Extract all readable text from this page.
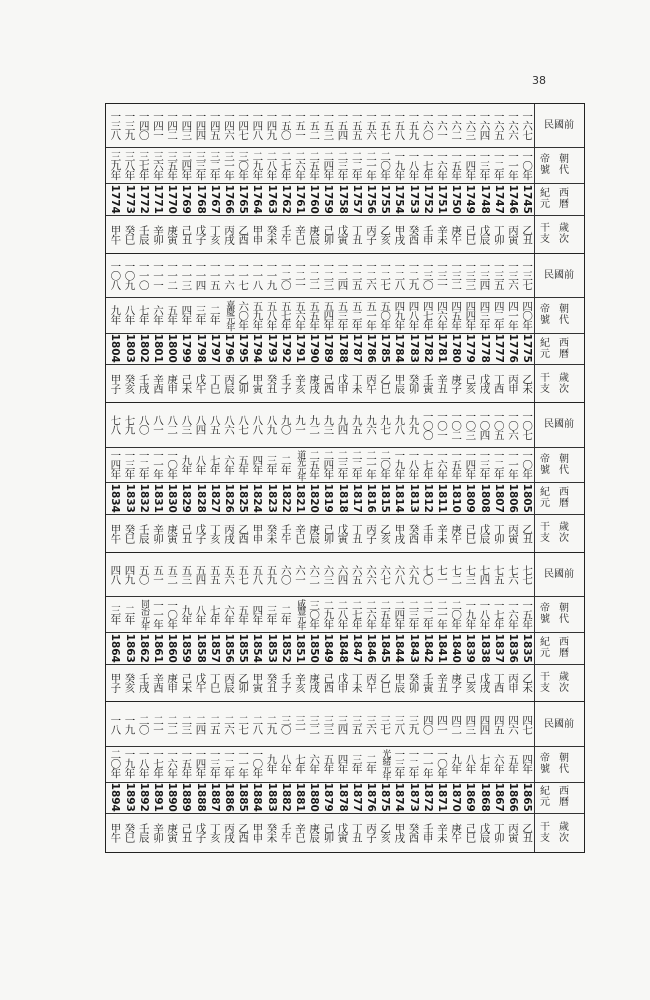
38
民國前
帝號
朝代
紀元
西曆
干支
歲次
一三八 一三九 一四〇 一四一 一四二 一四三 一四四 一四五 一四六 一四七 一四八 一四九 一五〇 一五一 一五二 一五三 一五四 一五五 一五六 一五七 一五八 一五九 一六〇 一六一 一六二 一六三 一六四 一六五 一六六 一六七
三九年 三八年 三七年 三六年 三五年 三四年 三三年 三二年 三一年 三〇年 二九年 二八年 二七年 二六年 二五年 二四年 二三年 二二年 二一年 二〇年 一九年 一八年 一七年 一六年 一五年 一四年 一三年 一二年 一一年 一〇年
1774 1773 1772 1771 1770 1769 1768 1767 1766 1765 1764 1763 1762 1761 1760 1759 1758 1757 1756 1755 1754 1753 1752 1751 1750 1749 1748 1747 1746 1745
甲午 癸巳 壬辰 辛卯 庚寅 己丑 戊子 丁亥 丙戌 乙酉 甲申 癸未 壬午 辛巳 庚辰 己卯 戊寅 丁丑 丙子 乙亥 甲戌 癸酉 壬申 辛未 庚午 己巳 戊辰 丁卯 丙寅 乙丑
民國前
帝號
朝代
紀元
西曆
干支
歲次
一〇八 一〇九 一一〇 一一一 一一二 一一三 一一四 一一五 一一六 一一七 一一八 一一九 一二〇 一二一 一二二 一二三 一二四 一二五 一二六 一二七 一二八 一二九 一三〇 一三一 一三二 一三三 一三四 一三五 一三六 一三七
九年 八年 七年 六年 五年 四年 三年 二年 嘉慶元年 六〇年 五九年 五八年 五七年 五六年 五五年 五四年 五三年 五二年 五一年 五〇年 四九年 四八年 四七年 四六年 四五年 四四年 四三年 四二年 四一年 四〇年
1804 1803 1802 1801 1800 1799 1798 1797 1796 1795 1794 1793 1792 1791 1790 1789 1788 1787 1786 1785 1784 1783 1782 1781 1780 1779 1778 1777 1776 1775
甲子 癸亥 壬戌 辛酉 庚申 己未 戊午 丁巳 丙辰 乙卯 甲寅 癸丑 壬子 辛亥 庚戌 己酉 戊申 丁未 丙午 乙巳 甲辰 癸卯 壬寅 辛丑 庚子 己亥 戊戌 丁酉 丙申 乙未
民國前
帝號
朝代
紀元
西曆
干支
歲次
七八 七九 八〇 八一 八二 八三 八四 八五 八六 八七 八八 八九 九〇 九一 九二 九三 九四 九五 九六 九七 九八 九九 一〇〇 一〇一 一〇二 一〇三 一〇四 一〇五 一〇六 一〇七
一四年 一三年 一二年 一一年 一〇年 九年 八年 七年 六年 五年 四年 三年 二年 道光元年 二五年 二四年 二三年 二二年 二一年 二〇年 一九年 一八年 一七年 一六年 一五年 一四年 一三年 一二年 一一年 一〇年
1834 1833 1832 1831 1830 1829 1828 1827 1826 1825 1824 1823 1822 1821 1820 1819 1818 1817 1816 1815 1814 1813 1812 1811 1810 1809 1808 1807 1806 1805
甲午 癸巳 壬辰 辛卯 庚寅 己丑 戊子 丁亥 丙戌 乙酉 甲申 癸未 壬午 辛巳 庚辰 己卯 戊寅 丁丑 丙子 乙亥 甲戌 癸酉 壬申 辛未 庚午 己巳 戊辰 丁卯 丙寅 乙丑
民國前
帝號
朝代
紀元
西曆
干支
歲次
四八 四九 五〇 五一 五二 五三 五四 五五 五六 五七 五八 五九 六〇 六一 六二 六三 六四 六五 六六 六七 六八 六九 七〇 七一 七二 七三 七四 七五 七六 七七
三年 二年 同治元年 一一年 一〇年 九年 八年 七年 六年 五年 四年 三年 二年 咸豐元年 三〇年 二九年 二八年 二七年 二六年 二五年 二四年 二三年 二二年 二一年 二〇年 一九年 一八年 一七年 一六年 一五年
1864 1863 1862 1861 1860 1859 1858 1857 1856 1855 1854 1853 1852 1851 1850 1849 1848 1847 1846 1845 1844 1843 1842 1841 1840 1839 1838 1837 1836 1835
甲子 癸亥 壬戌 辛酉 庚申 己未 戊午 丁巳 丙辰 乙卯 甲寅 癸丑 壬子 辛亥 庚戌 己酉 戊申 丁未 丙午 乙巳 甲辰 癸卯 壬寅 辛丑 庚子 己亥 戊戌 丁酉 丙申 乙未
民國前
帝號
朝代
紀元
西曆
干支
歲次
一八 一九 二〇 二一 二二 二三 二四 二五 二六 二七 二八 二九 三〇 三一 三二 三三 三四 三五 三六 三七 三八 三九 四〇 四一 四二 四三 四四 四五 四六 四七
二〇年 一九年 一八年 一七年 一六年 一五年 一四年 一三年 一二年 一一年 一〇年 九年 八年 七年 六年 五年 四年 三年 二年 光緒元年 一三年 一二年 一一年 一〇年 九年 八年 七年 六年 五年 四年
1894 1893 1892 1891 1890 1889 1888 1887 1886 1885 1884 1883 1882 1881 1880 1879 1878 1877 1876 1875 1874 1873 1872 1871 1870 1869 1868 1867 1866 1865
甲午 癸巳 壬辰 辛卯 庚寅 己丑 戊子 丁亥 丙戌 乙酉 甲申 癸未 壬午 辛巳 庚辰 己卯 戊寅 丁丑 丙子 乙亥 甲戌 癸酉 壬申 辛未 庚午 己巳 戊辰 丁卯 丙寅 乙丑
